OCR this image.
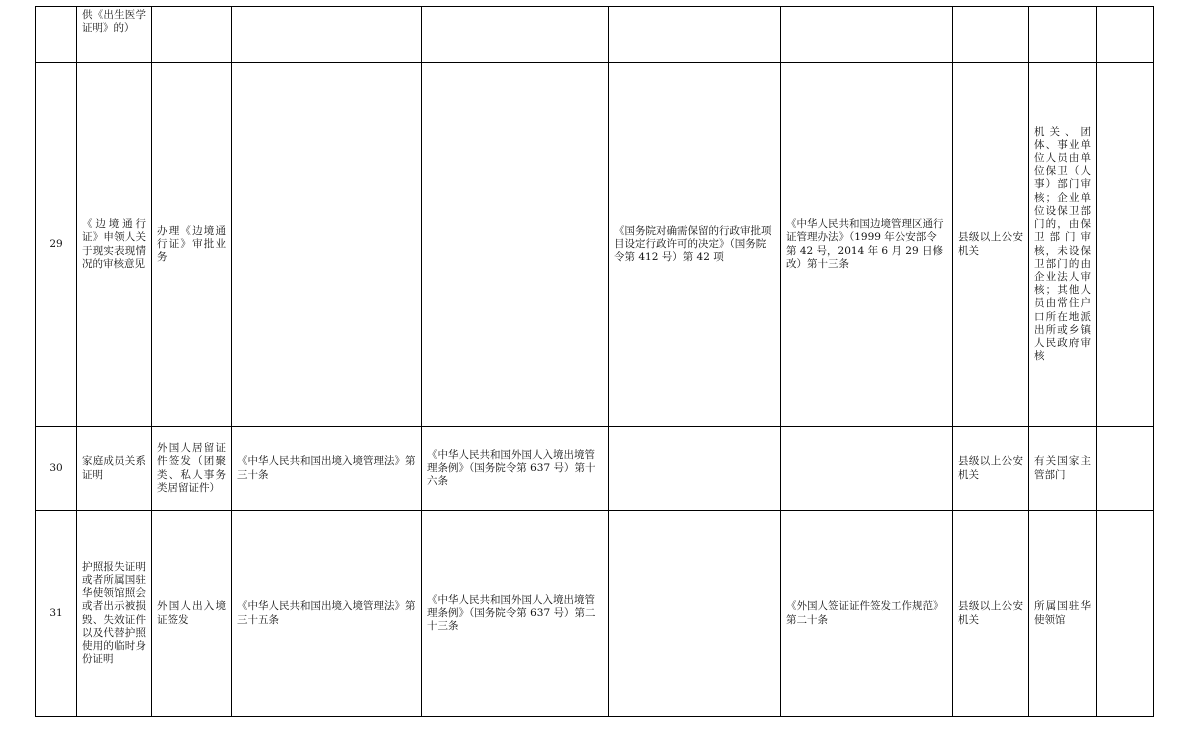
	供《出生医学证明》的）								
29	《边境通行证》申领人关于现实表现情况的审核意见	办理《边境通行证》审批业务			《国务院对确需保留的行政审批项目设定行政许可的决定》（国务院令第 412 号）第 42 项	《中华人民共和国边境管理区通行证管理办法》（1999 年公安部令第 42 号，2014 年 6 月 29 日修改）第十三条	县级以上公安机关	机关、团体、事业单位人员由单位保卫（人事）部门审核；企业单位设保卫部门的，由保卫部门审核，未设保卫部门的由企业法人审核；其他人员由常住户口所在地派出所或乡镇人民政府审核	
30	家庭成员关系证明	外国人居留证件签发（团聚类、私人事务类居留证件）	《中华人民共和国出境入境管理法》第三十条	《中华人民共和国外国人入境出境管理条例》（国务院令第 637 号）第十六条			县级以上公安机关	有关国家主管部门	
31	护照报失证明或者所属国驻华使领馆照会或者出示被损毁、失效证件以及代替护照使用的临时身份证明	外国人出入境证签发	《中华人民共和国出境入境管理法》第三十五条	《中华人民共和国外国人入境出境管理条例》（国务院令第 637 号）第二十三条		《外国人签证证件签发工作规范》第二十条	县级以上公安机关	所属国驻华使领馆	
